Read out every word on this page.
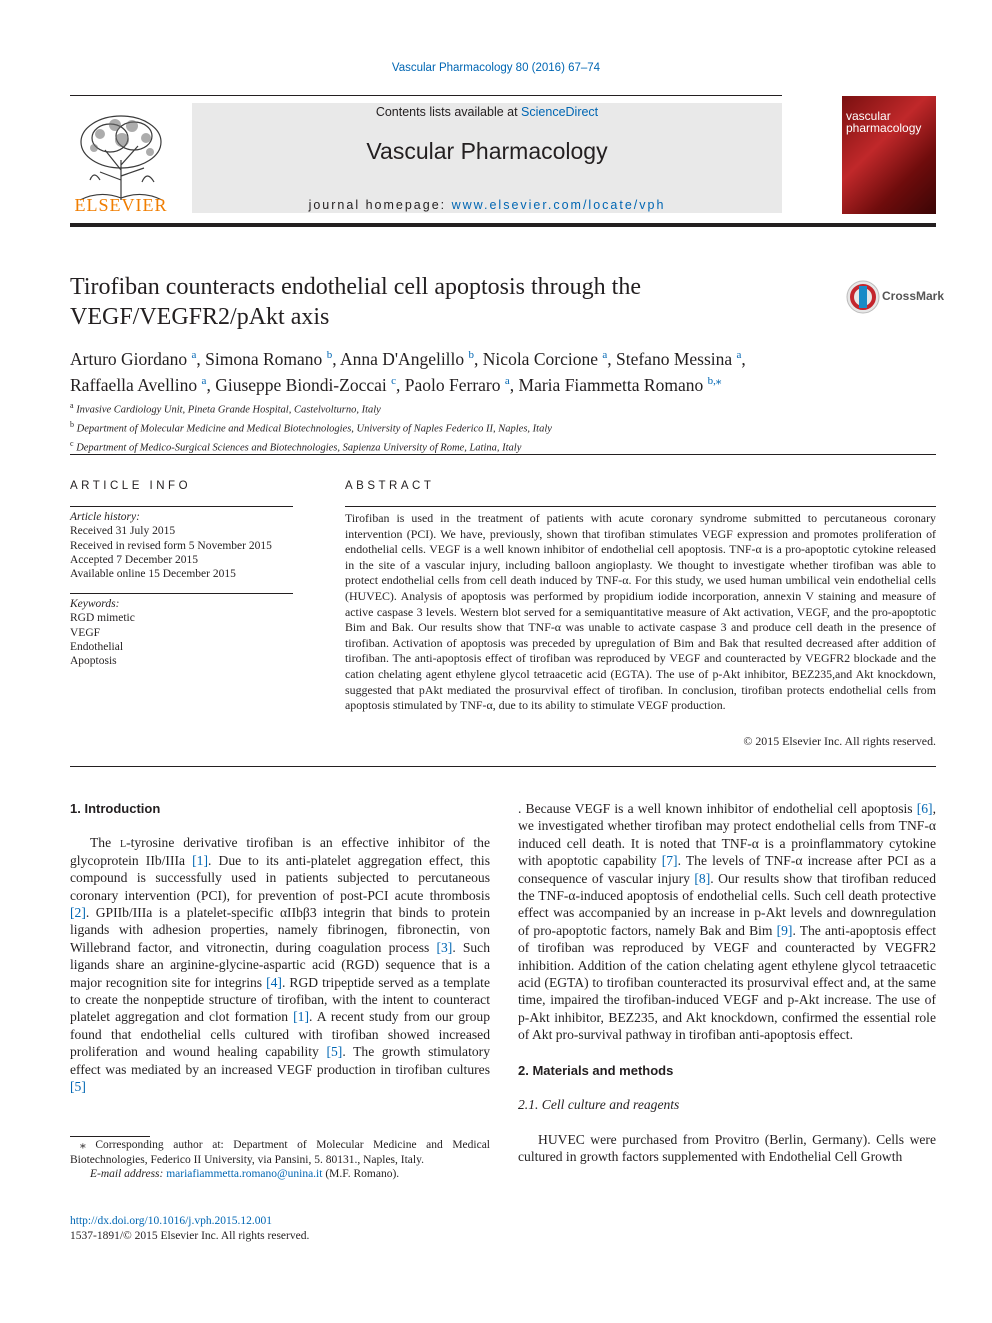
Vascular Pharmacology 80 (2016) 67–74
ELSEVIER
Contents lists available at ScienceDirect
Vascular Pharmacology
journal homepage: www.elsevier.com/locate/vph
vascular
pharmacology
Tirofiban counteracts endothelial cell apoptosis through the VEGF/VEGFR2/pAkt axis
CrossMark
Arturo Giordano $^a$, Simona Romano $^b$, Anna D'Angelillo $^b$, Nicola Corcione $^a$, Stefano Messina $^a$,
Raffaella Avellino $^a$, Giuseppe Biondi-Zoccai $^c$, Paolo Ferraro $^a$, Maria Fiammetta Romano $^{b,⁎}$
$^a$ Invasive Cardiology Unit, Pineta Grande Hospital, Castelvolturno, Italy
$^b$ Department of Molecular Medicine and Medical Biotechnologies, University of Naples Federico II, Naples, Italy
$^c$ Department of Medico-Surgical Sciences and Biotechnologies, Sapienza University of Rome, Latina, Italy
ARTICLE INFO
Article history:
Received 31 July 2015
Received in revised form 5 November 2015
Accepted 7 December 2015
Available online 15 December 2015
Keywords:
RGD mimetic
VEGF
Endothelial
Apoptosis
ABSTRACT
Tirofiban is used in the treatment of patients with acute coronary syndrome submitted to percutaneous coronary intervention (PCI). We have, previously, shown that tirofiban stimulates VEGF expression and promotes proliferation of endothelial cells. VEGF is a well known inhibitor of endothelial cell apoptosis. TNF-α is a pro-apoptotic cytokine released in the site of a vascular injury, including balloon angioplasty. We thought to investigate whether tirofiban was able to protect endothelial cells from cell death induced by TNF-α. For this study, we used human umbilical vein endothelial cells (HUVEC). Analysis of apoptosis was performed by propidium iodide incorporation, annexin V staining and measure of active caspase 3 levels. Western blot served for a semiquantitative measure of Akt activation, VEGF, and the pro-apoptotic Bim and Bak. Our results show that TNF-α was unable to activate caspase 3 and produce cell death in the presence of tirofiban. Activation of apoptosis was preceded by upregulation of Bim and Bak that resulted decreased after addition of tirofiban. The anti-apoptosis effect of tirofiban was reproduced by VEGF and counteracted by VEGFR2 blockade and the cation chelating agent ethylene glycol tetraacetic acid (EGTA). The use of p-Akt inhibitor, BEZ235,and Akt knockdown, suggested that pAkt mediated the prosurvival effect of tirofiban. In conclusion, tirofiban protects endothelial cells from apoptosis stimulated by TNF-α, due to its ability to stimulate VEGF production.
© 2015 Elsevier Inc. All rights reserved.

1. Introduction

The l-tyrosine derivative tirofiban is an effective inhibitor of the glycoprotein IIb/IIIa [1]. Due to its anti-platelet aggregation effect, this compound is successfully used in patients subjected to percutaneous coronary intervention (PCI), for prevention of post-PCI acute thrombosis [2]. GPIIb/IIIa is a platelet-specific αIIbβ3 integrin that binds to protein ligands with adhesion properties, namely fibrinogen, fibronectin, von Willebrand factor, and vitronectin, during coagulation process [3]. Such ligands share an arginine-glycine-aspartic acid (RGD) sequence that is a major recognition site for integrins [4]. RGD tripeptide served as a template to create the nonpeptide structure of tirofiban, with the intent to counteract platelet aggregation and clot formation [1]. A recent study from our group found that endothelial cells cultured with tirofiban showed increased proliferation and wound healing capability [5]. The growth stimulatory effect was mediated by an increased VEGF production in tirofiban cultures [5]

⁎ Corresponding author at: Department of Molecular Medicine and Medical Biotechnologies, Federico II University, via Pansini, 5. 80131., Naples, Italy.
E-mail address: mariafiammetta.romano@unina.it (M.F. Romano).
http://dx.doi.org/10.1016/j.vph.2015.12.001
1537-1891/© 2015 Elsevier Inc. All rights reserved.

. Because VEGF is a well known inhibitor of endothelial cell apoptosis [6], we investigated whether tirofiban may protect endothelial cells from TNF-α induced cell death. It is noted that TNF-α is a proinflammatory cytokine with apoptotic capability [7]. The levels of TNF-α increase after PCI as a consequence of vascular injury [8]. Our results show that tirofiban reduced the TNF-α-induced apoptosis of endothelial cells. Such cell death protective effect was accompanied by an increase in p-Akt levels and downregulation of pro-apoptotic factors, namely Bak and Bim [9]. The anti-apoptosis effect of tirofiban was reproduced by VEGF and counteracted by VEGFR2 inhibition. Addition of the cation chelating agent ethylene glycol tetraacetic acid (EGTA) to tirofiban counteracted its prosurvival effect and, at the same time, impaired the tirofiban-induced VEGF and p-Akt increase. The use of p-Akt inhibitor, BEZ235, and Akt knockdown, confirmed the essential role of Akt pro-survival pathway in tirofiban anti-apoptosis effect.

2. Materials and methods

2.1. Cell culture and reagents

HUVEC were purchased from Provitro (Berlin, Germany). Cells were cultured in growth factors supplemented with Endothelial Cell Growth
